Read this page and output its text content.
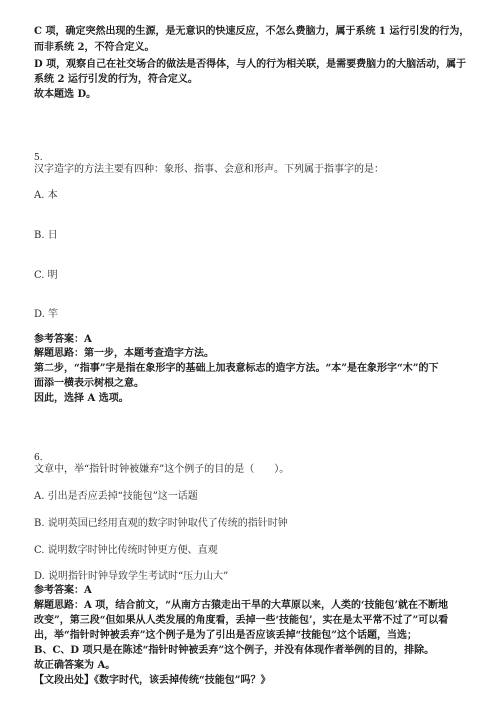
C 项，确定突然出现的生源，是无意识的快速反应，不怎么费脑力，属于系统 1 运行引发的行为，
而非系统 2，不符合定义。
D 项，观察自己在社交场合的做法是否得体，与人的行为相关联，是需要费脑力的大脑活动，属于
系统 2 运行引发的行为，符合定义。
故本题选 D。
5.
汉字造字的方法主要有四种：象形、指事、会意和形声。下列属于指事字的是：
A. 本
B. 日
C. 明
D. 竿
参考答案：A
解题思路：第一步，本题考查造字方法。
第二步，“指事”字是指在象形字的基础上加表意标志的造字方法。“本”是在象形字“木”的下
面添一横表示树根之意。
因此，选择 A 选项。
6.
文章中，举“指针时钟被嫌弃”这个例子的目的是（　　）。
A. 引出是否应丢掉“技能包”这一话题
B. 说明英国已经用直观的数字时钟取代了传统的指针时钟
C. 说明数字时钟比传统时钟更方便、直观
D. 说明指针时钟导致学生考试时“压力山大”
参考答案：A
解题思路：A 项，结合前文，“从南方古猿走出干旱的大草原以来，人类的‘技能包’就在不断地
改变”，第三段“但如果从人类发展的角度看，丢掉一些‘技能包’，实在是太平常不过了”可以看
出，举“指针时钟被丢弃”这个例子是为了引出是否应该丢掉“技能包”这个话题，当选；
B、C、D 项只是在陈述“指针时钟被丢弃”这个例子，并没有体现作者举例的目的，排除。
故正确答案为 A。
【文段出处】《数字时代，该丢掉传统“技能包”吗？》
